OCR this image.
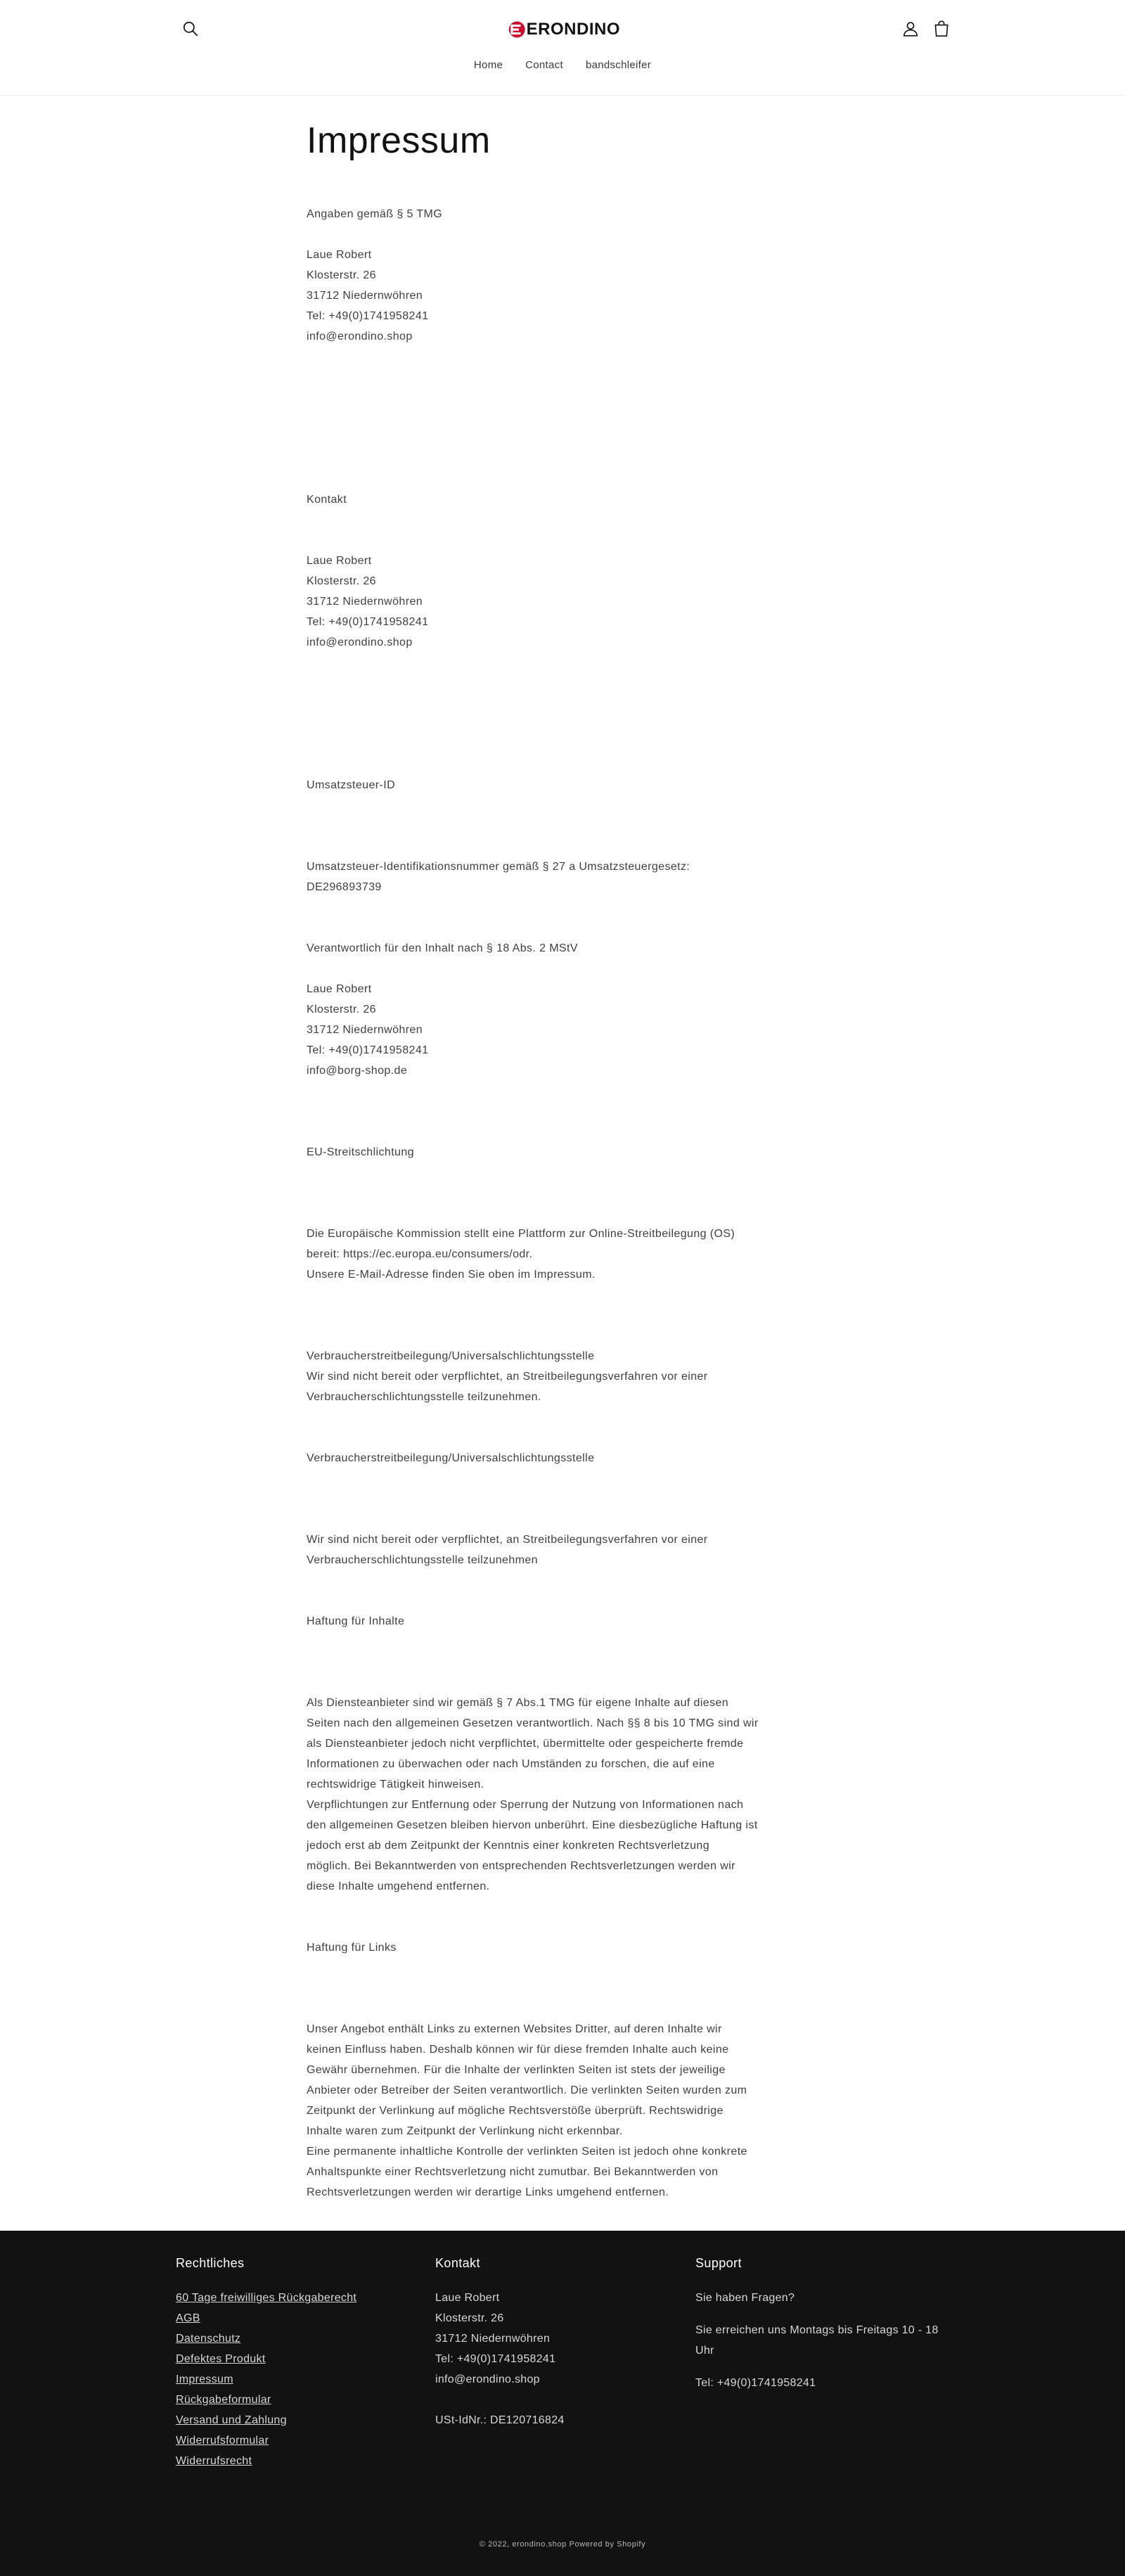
ERONDINO
Home Contact bandschleifer
Impressum

Angaben gemäß § 5 TMG

Laue Robert

Klosterstr. 26

31712 Niedernwöhren

Tel: +49(0)1741958241

info@erondino.shop

Kontakt

Laue Robert

Klosterstr. 26

31712 Niedernwöhren

Tel: +49(0)1741958241

info@erondino.shop

Umsatzsteuer-ID

Umsatzsteuer-Identifikationsnummer gemäß § 27 a Umsatzsteuergesetz:

DE296893739

Verantwortlich für den Inhalt nach § 18 Abs. 2 MStV

Laue Robert

Klosterstr. 26

31712 Niedernwöhren

Tel: +49(0)1741958241

info@borg-shop.de

EU-Streitschlichtung

Die Europäische Kommission stellt eine Plattform zur Online-Streitbeilegung (OS)

bereit: https://ec.europa.eu/consumers/odr.

Unsere E-Mail-Adresse finden Sie oben im Impressum.

Verbraucherstreitbeilegung/Universalschlichtungsstelle

Wir sind nicht bereit oder verpflichtet, an Streitbeilegungsverfahren vor einer

Verbraucherschlichtungsstelle teilzunehmen.

Verbraucherstreitbeilegung/Universalschlichtungsstelle

Wir sind nicht bereit oder verpflichtet, an Streitbeilegungsverfahren vor einer

Verbraucherschlichtungsstelle teilzunehmen

Haftung für Inhalte

Als Diensteanbieter sind wir gemäß § 7 Abs.1 TMG für eigene Inhalte auf diesen

Seiten nach den allgemeinen Gesetzen verantwortlich. Nach §§ 8 bis 10 TMG sind wir

als Diensteanbieter jedoch nicht verpflichtet, übermittelte oder gespeicherte fremde

Informationen zu überwachen oder nach Umständen zu forschen, die auf eine

rechtswidrige Tätigkeit hinweisen.

Verpflichtungen zur Entfernung oder Sperrung der Nutzung von Informationen nach

den allgemeinen Gesetzen bleiben hiervon unberührt. Eine diesbezügliche Haftung ist

jedoch erst ab dem Zeitpunkt der Kenntnis einer konkreten Rechtsverletzung

möglich. Bei Bekanntwerden von entsprechenden Rechtsverletzungen werden wir

diese Inhalte umgehend entfernen.

Haftung für Links

Unser Angebot enthält Links zu externen Websites Dritter, auf deren Inhalte wir

keinen Einfluss haben. Deshalb können wir für diese fremden Inhalte auch keine

Gewähr übernehmen. Für die Inhalte der verlinkten Seiten ist stets der jeweilige

Anbieter oder Betreiber der Seiten verantwortlich. Die verlinkten Seiten wurden zum

Zeitpunkt der Verlinkung auf mögliche Rechtsverstöße überprüft. Rechtswidrige

Inhalte waren zum Zeitpunkt der Verlinkung nicht erkennbar.

Eine permanente inhaltliche Kontrolle der verlinkten Seiten ist jedoch ohne konkrete

Anhaltspunkte einer Rechtsverletzung nicht zumutbar. Bei Bekanntwerden von

Rechtsverletzungen werden wir derartige Links umgehend entfernen.

Rechtliches
60 Tage freiwilliges Rückgaberecht
AGB
Datenschutz
Defektes Produkt
Impressum
Rückgabeformular
Versand und Zahlung
Widerrufsformular
Widerrufsrecht
Kontakt
Laue Robert
Klosterstr. 26
31712 Niedernwöhren
Tel: +49(0)1741958241
info@erondino.shop
USt-IdNr.: DE120716824
Support
Sie haben Fragen?
Sie erreichen uns Montags bis Freitags 10 - 18 Uhr
Tel: +49(0)1741958241
© 2022, erondino.shop Powered by Shopify
